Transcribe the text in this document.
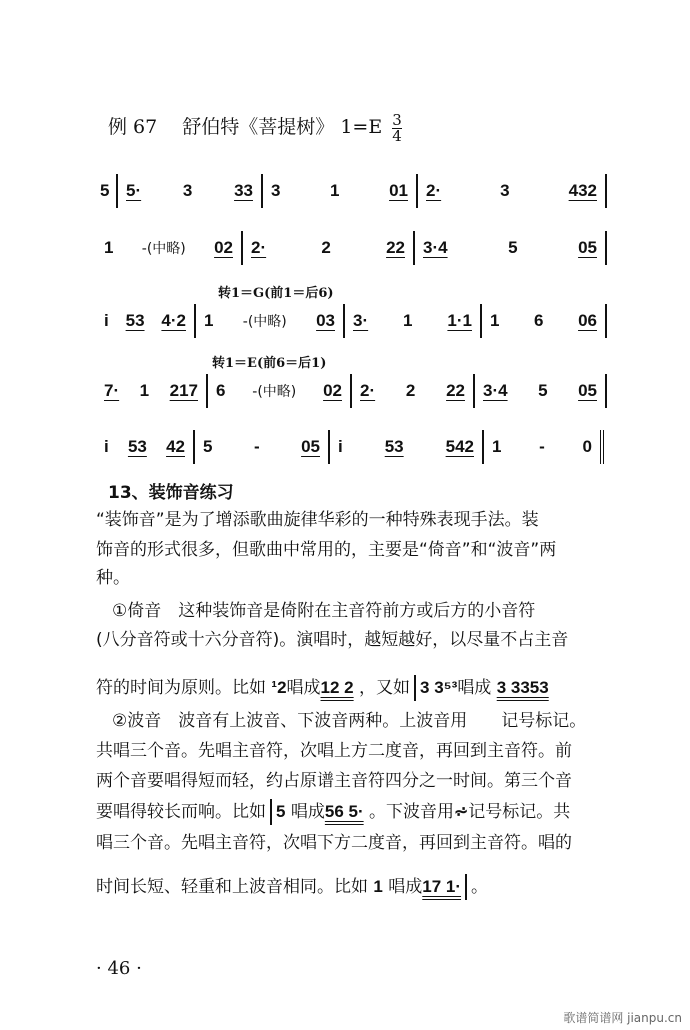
例 67　 舒伯特《菩提树》 $1=E \frac{3}{4}$
5 5· 3 33 3	1	01 2·	3	432
1 -(中略) 02 2·	2	22 3·4	5	05
转1＝G(前1＝后6)
i 53 4·2 1 -(中略) 03 3· 1 1·1 1 6 06
转1＝E(前6＝后1)
7· 1 217 6 -(中略) 02 2· 2 22 3·4 5 05
i 53 42 5 - 05 i 53 542 1 - 0
13、装饰音练习
“装饰音”是为了增添歌曲旋律华彩的一种特殊表现手法。装
饰音的形式很多，但歌曲中常用的，主要是“倚音”和“波音”两
种。
①倚音　这种装饰音是倚附在主音符前方或后方的小音符
(八分音符或十六分音符)。演唱时，越短越好，以尽量不占主音
符的时间为原则。比如 ¹2唱成12 2 ，又如 3 3⁵³唱成 3 3353
②波音　波音有上波音、下波音两种。上波音用　　 记号标记。
共唱三个音。先唱主音符，次唱上方二度音，再回到主音符。前
两个音要唱得短而轻，约占原谱主音符四分之一时间。第三个音
要唱得较长而响。比如 5 唱成56 5· 。下波音用⩫记号标记。共
唱三个音。先唱主音符，次唱下方二度音，再回到主音符。唱的
时间长短、轻重和上波音相同。比如 1 唱成17 1· 。
· 46 ·
歌谱简谱网 jianpu.cn
